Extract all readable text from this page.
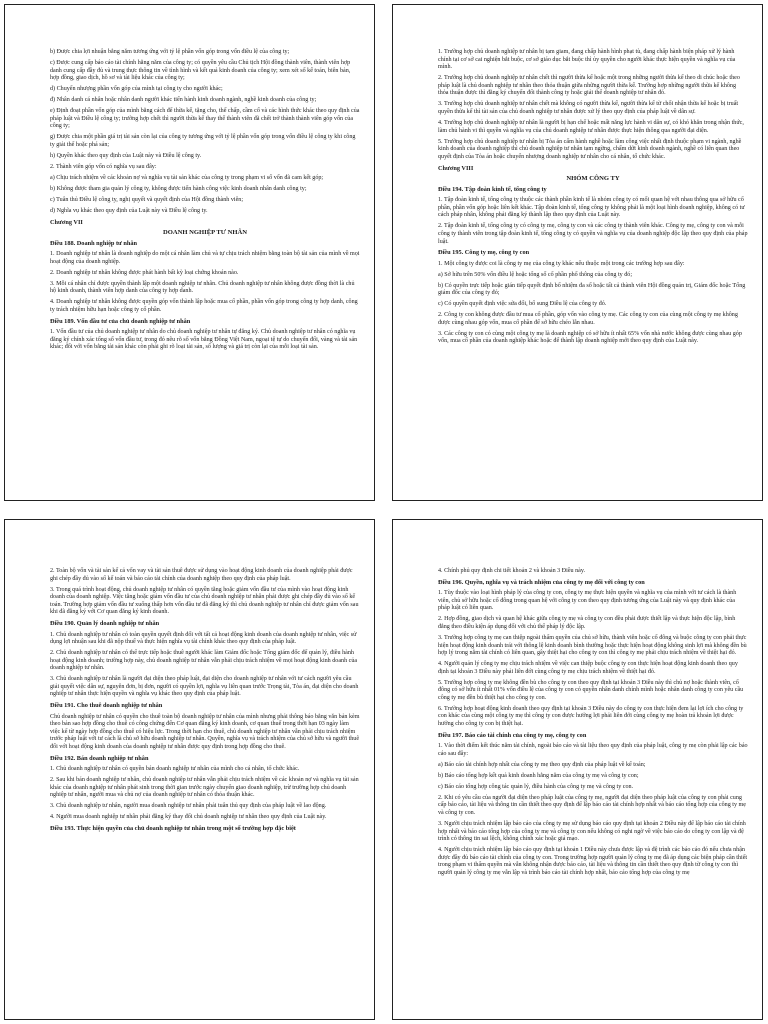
b) Được chia lợi nhuận bằng năm tương ứng với tỷ lệ phần vốn góp trong vốn điều lệ của công ty;
c) Được cung cấp báo cáo tài chính hằng năm của công ty; có quyền yêu cầu Chủ tịch Hội đồng thành viên, thành viên hợp danh cung cấp đầy đủ và trung thực thông tin về tình hình và kết quả kinh doanh của công ty; xem xét sổ kế toán, biên bản, hợp đồng, giao dịch, hồ sơ và tài liệu khác của công ty;
d) Chuyển nhượng phần vốn góp của mình tại công ty cho người khác;
đ) Nhân danh cá nhân hoặc nhân danh người khác tiến hành kinh doanh ngành, nghề kinh doanh của công ty;
e) Định đoạt phần vốn góp của mình bằng cách để thừa kế, tặng cho, thế chấp, cầm cố và các hình thức khác theo quy định của pháp luật và Điều lệ công ty; trường hợp chết thì người thừa kế thay thế thành viên đã chết trở thành thành viên góp vốn của công ty;
g) Được chia một phần giá trị tài sản còn lại của công ty tương ứng với tỷ lệ phần vốn góp trong vốn điều lệ công ty khi công ty giải thể hoặc phá sản;
h) Quyền khác theo quy định của Luật này và Điều lệ công ty.
2. Thành viên góp vốn có nghĩa vụ sau đây:
a) Chịu trách nhiệm về các khoản nợ và nghĩa vụ tài sản khác của công ty trong phạm vi số vốn đã cam kết góp;
b) Không được tham gia quản lý công ty, không được tiến hành công việc kinh doanh nhân danh công ty;
c) Tuân thủ Điều lệ công ty, nghị quyết và quyết định của Hội đồng thành viên;
d) Nghĩa vụ khác theo quy định của Luật này và Điều lệ công ty.
Chương VII
DOANH NGHIỆP TƯ NHÂN
Điều 188. Doanh nghiệp tư nhân
1. Doanh nghiệp tư nhân là doanh nghiệp do một cá nhân làm chủ và tự chịu trách nhiệm bằng toàn bộ tài sản của mình về mọi hoạt động của doanh nghiệp.
2. Doanh nghiệp tư nhân không được phát hành bất kỳ loại chứng khoán nào.
3. Mỗi cá nhân chỉ được quyền thành lập một doanh nghiệp tư nhân. Chủ doanh nghiệp tư nhân không được đồng thời là chủ hộ kinh doanh, thành viên hợp danh của công ty hợp danh.
4. Doanh nghiệp tư nhân không được quyền góp vốn thành lập hoặc mua cổ phần, phần vốn góp trong công ty hợp danh, công ty trách nhiệm hữu hạn hoặc công ty cổ phần.
Điều 189. Vốn đầu tư của chủ doanh nghiệp tư nhân
1. Vốn đầu tư của chủ doanh nghiệp tư nhân do chủ doanh nghiệp tư nhân tự đăng ký. Chủ doanh nghiệp tư nhân có nghĩa vụ đăng ký chính xác tổng số vốn đầu tư, trong đó nêu rõ số vốn bằng Đồng Việt Nam, ngoại tệ tự do chuyển đổi, vàng và tài sản khác; đối với vốn bằng tài sản khác còn phải ghi rõ loại tài sản, số lượng và giá trị còn lại của mỗi loại tài sản.
1. Trường hợp chủ doanh nghiệp tư nhân bị tạm giam, đang chấp hành hình phạt tù, đang chấp hành biện pháp xử lý hành chính tại cơ sở cai nghiện bắt buộc, cơ sở giáo dục bắt buộc thì ủy quyền cho người khác thực hiện quyền và nghĩa vụ của mình.
2. Trường hợp chủ doanh nghiệp tư nhân chết thì người thừa kế hoặc một trong những người thừa kế theo di chúc hoặc theo pháp luật là chủ doanh nghiệp tư nhân theo thỏa thuận giữa những người thừa kế. Trường hợp những người thừa kế không thỏa thuận được thì đăng ký chuyển đổi thành công ty hoặc giải thể doanh nghiệp tư nhân đó.
3. Trường hợp chủ doanh nghiệp tư nhân chết mà không có người thừa kế, người thừa kế từ chối nhận thừa kế hoặc bị truất quyền thừa kế thì tài sản của chủ doanh nghiệp tư nhân được xử lý theo quy định của pháp luật về dân sự.
4. Trường hợp chủ doanh nghiệp tư nhân là người bị hạn chế hoặc mất năng lực hành vi dân sự, có khó khăn trong nhận thức, làm chủ hành vi thì quyền và nghĩa vụ của chủ doanh nghiệp tư nhân được thực hiện thông qua người đại diện.
5. Trường hợp chủ doanh nghiệp tư nhân bị Tòa án cấm hành nghề hoặc làm công việc nhất định thuộc phạm vi ngành, nghề kinh doanh của doanh nghiệp thì chủ doanh nghiệp tư nhân tạm ngừng, chấm dứt kinh doanh ngành, nghề có liên quan theo quyết định của Tòa án hoặc chuyển nhượng doanh nghiệp tư nhân cho cá nhân, tổ chức khác.
Chương VIII
NHÓM CÔNG TY
Điều 194. Tập đoàn kinh tế, tổng công ty
1. Tập đoàn kinh tế, tổng công ty thuộc các thành phần kinh tế là nhóm công ty có mối quan hệ với nhau thông qua sở hữu cổ phần, phần vốn góp hoặc liên kết khác. Tập đoàn kinh tế, tổng công ty không phải là một loại hình doanh nghiệp, không có tư cách pháp nhân, không phải đăng ký thành lập theo quy định của Luật này.
2. Tập đoàn kinh tế, tổng công ty có công ty mẹ, công ty con và các công ty thành viên khác. Công ty mẹ, công ty con và mỗi công ty thành viên trong tập đoàn kinh tế, tổng công ty có quyền và nghĩa vụ của doanh nghiệp độc lập theo quy định của pháp luật.
Điều 195. Công ty mẹ, công ty con
1. Một công ty được coi là công ty mẹ của công ty khác nếu thuộc một trong các trường hợp sau đây:
a) Sở hữu trên 50% vốn điều lệ hoặc tổng số cổ phần phổ thông của công ty đó;
b) Có quyền trực tiếp hoặc gián tiếp quyết định bổ nhiệm đa số hoặc tất cả thành viên Hội đồng quản trị, Giám đốc hoặc Tổng giám đốc của công ty đó;
c) Có quyền quyết định việc sửa đổi, bổ sung Điều lệ của công ty đó.
2. Công ty con không được đầu tư mua cổ phần, góp vốn vào công ty mẹ. Các công ty con của cùng một công ty mẹ không được cùng nhau góp vốn, mua cổ phần để sở hữu chéo lẫn nhau.
3. Các công ty con có cùng một công ty mẹ là doanh nghiệp có sở hữu ít nhất 65% vốn nhà nước không được cùng nhau góp vốn, mua cổ phần của doanh nghiệp khác hoặc để thành lập doanh nghiệp mới theo quy định của Luật này.
2. Toàn bộ vốn và tài sản kể cả vốn vay và tài sản thuê được sử dụng vào hoạt động kinh doanh của doanh nghiệp phải được ghi chép đầy đủ vào sổ kế toán và báo cáo tài chính của doanh nghiệp theo quy định của pháp luật.
3. Trong quá trình hoạt động, chủ doanh nghiệp tư nhân có quyền tăng hoặc giảm vốn đầu tư của mình vào hoạt động kinh doanh của doanh nghiệp. Việc tăng hoặc giảm vốn đầu tư của chủ doanh nghiệp tư nhân phải được ghi chép đầy đủ vào sổ kế toán. Trường hợp giảm vốn đầu tư xuống thấp hơn vốn đầu tư đã đăng ký thì chủ doanh nghiệp tư nhân chỉ được giảm vốn sau khi đã đăng ký với Cơ quan đăng ký kinh doanh.
Điều 190. Quản lý doanh nghiệp tư nhân
1. Chủ doanh nghiệp tư nhân có toàn quyền quyết định đối với tất cả hoạt động kinh doanh của doanh nghiệp tư nhân, việc sử dụng lợi nhuận sau khi đã nộp thuế và thực hiện nghĩa vụ tài chính khác theo quy định của pháp luật.
2. Chủ doanh nghiệp tư nhân có thể trực tiếp hoặc thuê người khác làm Giám đốc hoặc Tổng giám đốc để quản lý, điều hành hoạt động kinh doanh; trường hợp này, chủ doanh nghiệp tư nhân vẫn phải chịu trách nhiệm về mọi hoạt động kinh doanh của doanh nghiệp tư nhân.
3. Chủ doanh nghiệp tư nhân là người đại diện theo pháp luật, đại diện cho doanh nghiệp tư nhân với tư cách người yêu cầu giải quyết việc dân sự, nguyên đơn, bị đơn, người có quyền lợi, nghĩa vụ liên quan trước Trọng tài, Tòa án, đại diện cho doanh nghiệp tư nhân thực hiện quyền và nghĩa vụ khác theo quy định của pháp luật.
Điều 191. Cho thuê doanh nghiệp tư nhân
Chủ doanh nghiệp tư nhân có quyền cho thuê toàn bộ doanh nghiệp tư nhân của mình nhưng phải thông báo bằng văn bản kèm theo bản sao hợp đồng cho thuê có công chứng đến Cơ quan đăng ký kinh doanh, cơ quan thuế trong thời hạn 03 ngày làm việc kể từ ngày hợp đồng cho thuê có hiệu lực. Trong thời hạn cho thuê, chủ doanh nghiệp tư nhân vẫn phải chịu trách nhiệm trước pháp luật với tư cách là chủ sở hữu doanh nghiệp tư nhân. Quyền, nghĩa vụ và trách nhiệm của chủ sở hữu và người thuê đối với hoạt động kinh doanh của doanh nghiệp tư nhân được quy định trong hợp đồng cho thuê.
Điều 192. Bán doanh nghiệp tư nhân
1. Chủ doanh nghiệp tư nhân có quyền bán doanh nghiệp tư nhân của mình cho cá nhân, tổ chức khác.
2. Sau khi bán doanh nghiệp tư nhân, chủ doanh nghiệp tư nhân vẫn phải chịu trách nhiệm về các khoản nợ và nghĩa vụ tài sản khác của doanh nghiệp tư nhân phát sinh trong thời gian trước ngày chuyển giao doanh nghiệp, trừ trường hợp chủ doanh nghiệp tư nhân, người mua và chủ nợ của doanh nghiệp tư nhân có thỏa thuận khác.
3. Chủ doanh nghiệp tư nhân, người mua doanh nghiệp tư nhân phải tuân thủ quy định của pháp luật về lao động.
4. Người mua doanh nghiệp tư nhân phải đăng ký thay đổi chủ doanh nghiệp tư nhân theo quy định của Luật này.
Điều 193. Thực hiện quyền của chủ doanh nghiệp tư nhân trong một số trường hợp đặc biệt
4. Chính phủ quy định chi tiết khoản 2 và khoản 3 Điều này.
Điều 196. Quyền, nghĩa vụ và trách nhiệm của công ty mẹ đối với công ty con
1. Tùy thuộc vào loại hình pháp lý của công ty con, công ty mẹ thực hiện quyền và nghĩa vụ của mình với tư cách là thành viên, chủ sở hữu hoặc cổ đông trong quan hệ với công ty con theo quy định tương ứng của Luật này và quy định khác của pháp luật có liên quan.
2. Hợp đồng, giao dịch và quan hệ khác giữa công ty mẹ và công ty con đều phải được thiết lập và thực hiện độc lập, bình đẳng theo điều kiện áp dụng đối với chủ thể pháp lý độc lập.
3. Trường hợp công ty mẹ can thiệp ngoài thẩm quyền của chủ sở hữu, thành viên hoặc cổ đông và buộc công ty con phải thực hiện hoạt động kinh doanh trái với thông lệ kinh doanh bình thường hoặc thực hiện hoạt động không sinh lợi mà không đền bù hợp lý trong năm tài chính có liên quan, gây thiệt hại cho công ty con thì công ty mẹ phải chịu trách nhiệm về thiệt hại đó.
4. Người quản lý công ty mẹ chịu trách nhiệm về việc can thiệp buộc công ty con thực hiện hoạt động kinh doanh theo quy định tại khoản 3 Điều này phải liên đới cùng công ty mẹ chịu trách nhiệm về thiệt hại đó.
5. Trường hợp công ty mẹ không đền bù cho công ty con theo quy định tại khoản 3 Điều này thì chủ nợ hoặc thành viên, cổ đông có sở hữu ít nhất 01% vốn điều lệ của công ty con có quyền nhân danh chính mình hoặc nhân danh công ty con yêu cầu công ty mẹ đền bù thiệt hại cho công ty con.
6. Trường hợp hoạt động kinh doanh theo quy định tại khoản 3 Điều này do công ty con thực hiện đem lại lợi ích cho công ty con khác của cùng một công ty mẹ thì công ty con được hưởng lợi phải liên đới cùng công ty mẹ hoàn trả khoản lợi được hưởng cho công ty con bị thiệt hại.
Điều 197. Báo cáo tài chính của công ty mẹ, công ty con
1. Vào thời điểm kết thúc năm tài chính, ngoài báo cáo và tài liệu theo quy định của pháp luật, công ty mẹ còn phải lập các báo cáo sau đây:
a) Báo cáo tài chính hợp nhất của công ty mẹ theo quy định của pháp luật về kế toán;
b) Báo cáo tổng hợp kết quả kinh doanh hằng năm của công ty mẹ và công ty con;
c) Báo cáo tổng hợp công tác quản lý, điều hành của công ty mẹ và công ty con.
2. Khi có yêu cầu của người đại diện theo pháp luật của công ty mẹ, người đại diện theo pháp luật của công ty con phải cung cấp báo cáo, tài liệu và thông tin cần thiết theo quy định để lập báo cáo tài chính hợp nhất và báo cáo tổng hợp của công ty mẹ và công ty con.
3. Người chịu trách nhiệm lập báo cáo của công ty mẹ sử dụng báo cáo quy định tại khoản 2 Điều này để lập báo cáo tài chính hợp nhất và báo cáo tổng hợp của công ty mẹ và công ty con nếu không có nghi ngờ về việc báo cáo do công ty con lập và đệ trình có thông tin sai lệch, không chính xác hoặc giả mạo.
4. Người chịu trách nhiệm lập báo cáo quy định tại khoản 1 Điều này chưa được lập và đệ trình các báo cáo đó nếu chưa nhận được đầy đủ báo cáo tài chính của công ty con. Trong trường hợp người quản lý công ty mẹ đã áp dụng các biện pháp cần thiết trong phạm vi thẩm quyền mà vẫn không nhận được báo cáo, tài liệu và thông tin cần thiết theo quy định từ công ty con thì người quản lý công ty mẹ vẫn lập và trình báo cáo tài chính hợp nhất, báo cáo tổng hợp của công ty mẹ
